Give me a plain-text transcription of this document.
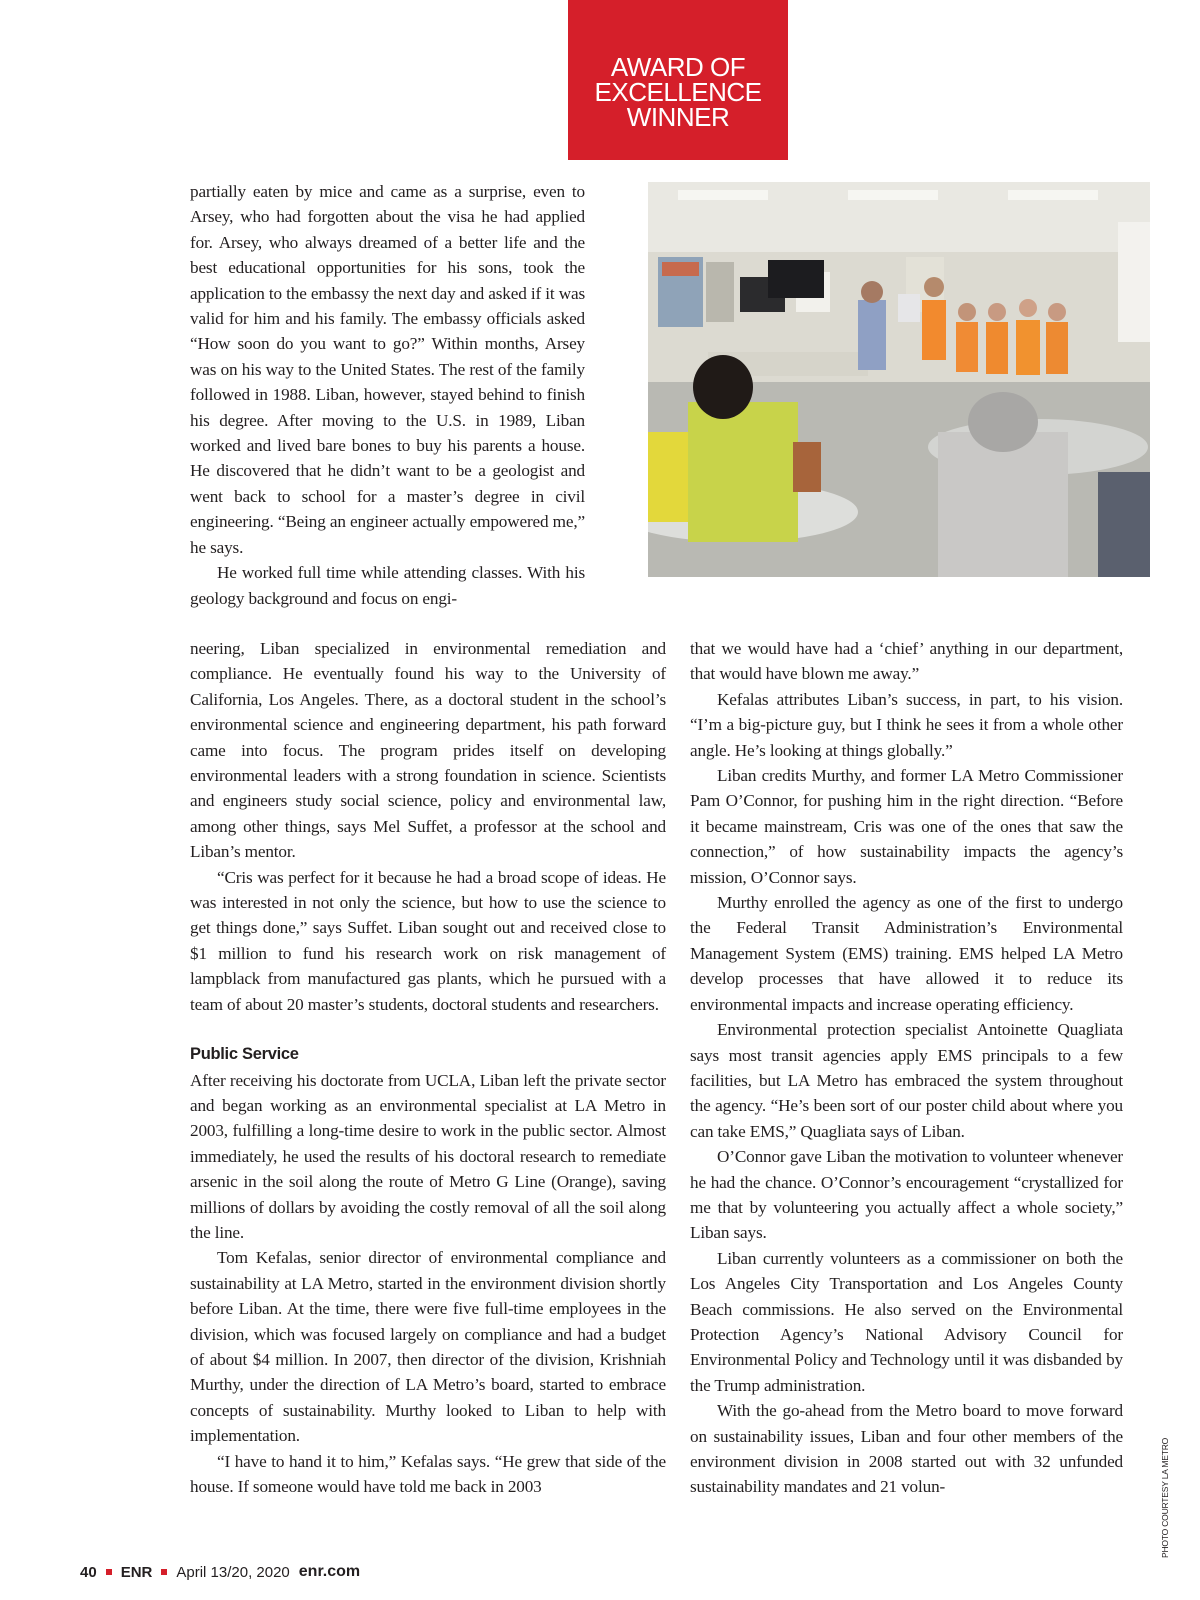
AWARD OF
EXCELLENCE
WINNER
PHOTO COURTESY LA METRO

partially eaten by mice and came as a surprise, even to Arsey, who had forgotten about the visa he had applied for. Arsey, who always dreamed of a better life and the best educational opportunities for his sons, took the application to the embassy the next day and asked if it was valid for him and his family. The embassy officials asked “How soon do you want to go?” Within months, Arsey was on his way to the United States. The rest of the family followed in 1988. Liban, however, stayed behind to finish his degree. After moving to the U.S. in 1989, Liban worked and lived bare bones to buy his parents a house. He discovered that he didn’t want to be a geologist and went back to school for a master’s degree in civil engineering. “Being an engineer actually empowered me,” he says.

He worked full time while attending classes. With his geology background and focus on engi-

neering, Liban specialized in environmental remediation and compliance. He eventually found his way to the University of California, Los Angeles. There, as a doctoral student in the school’s environmental science and engineering department, his path forward came into focus. The program prides itself on developing environmental leaders with a strong foundation in science. Scientists and engineers study social science, policy and environmental law, among other things, says Mel Suffet, a professor at the school and Liban’s mentor.

“Cris was perfect for it because he had a broad scope of ideas. He was interested in not only the science, but how to use the science to get things done,” says Suffet. Liban sought out and received close to $1 million to fund his research work on risk management of lampblack from manufactured gas plants, which he pursued with a team of about 20 master’s students, doctoral students and researchers.

Public Service

After receiving his doctorate from UCLA, Liban left the private sector and began working as an environmental specialist at LA Metro in 2003, fulfilling a long-time desire to work in the public sector. Almost immediately, he used the results of his doctoral research to remediate arsenic in the soil along the route of Metro G Line (Orange), saving millions of dollars by avoiding the costly removal of all the soil along the line.

Tom Kefalas, senior director of environmental compliance and sustainability at LA Metro, started in the environment division shortly before Liban. At the time, there were five full-time employees in the division, which was focused largely on compliance and had a budget of about $4 million. In 2007, then director of the division, Krishniah Murthy, under the direction of LA Metro’s board, started to embrace concepts of sustainability. Murthy looked to Liban to help with implementation.

“I have to hand it to him,” Kefalas says. “He grew that side of the house. If someone would have told me back in 2003

that we would have had a ‘chief’ anything in our department, that would have blown me away.”

Kefalas attributes Liban’s success, in part, to his vision. “I’m a big-picture guy, but I think he sees it from a whole other angle. He’s looking at things globally.”

Liban credits Murthy, and former LA Metro Commissioner Pam O’Connor, for pushing him in the right direction. “Before it became mainstream, Cris was one of the ones that saw the connection,” of how sustainability impacts the agency’s mission, O’Connor says.

Murthy enrolled the agency as one of the first to undergo the Federal Transit Administration’s Environmental Management System (EMS) training. EMS helped LA Metro develop processes that have allowed it to reduce its environmental impacts and increase operating efficiency.

Environmental protection specialist Antoinette Quagliata says most transit agencies apply EMS principals to a few facilities, but LA Metro has embraced the system throughout the agency. “He’s been sort of our poster child about where you can take EMS,” Quagliata says of Liban.

O’Connor gave Liban the motivation to volunteer whenever he had the chance. O’Connor’s encouragement “crystallized for me that by volunteering you actually affect a whole society,” Liban says.

Liban currently volunteers as a commissioner on both the Los Angeles City Transportation and Los Angeles County Beach commissions. He also served on the Environmental Protection Agency’s National Advisory Council for Environmental Policy and Technology until it was disbanded by the Trump administration.

With the go-ahead from the Metro board to move forward on sustainability issues, Liban and four other members of the environment division in 2008 started out with 32 unfunded sustainability mandates and 21 volun-

40 ENR April 13/20, 2020 enr.com
